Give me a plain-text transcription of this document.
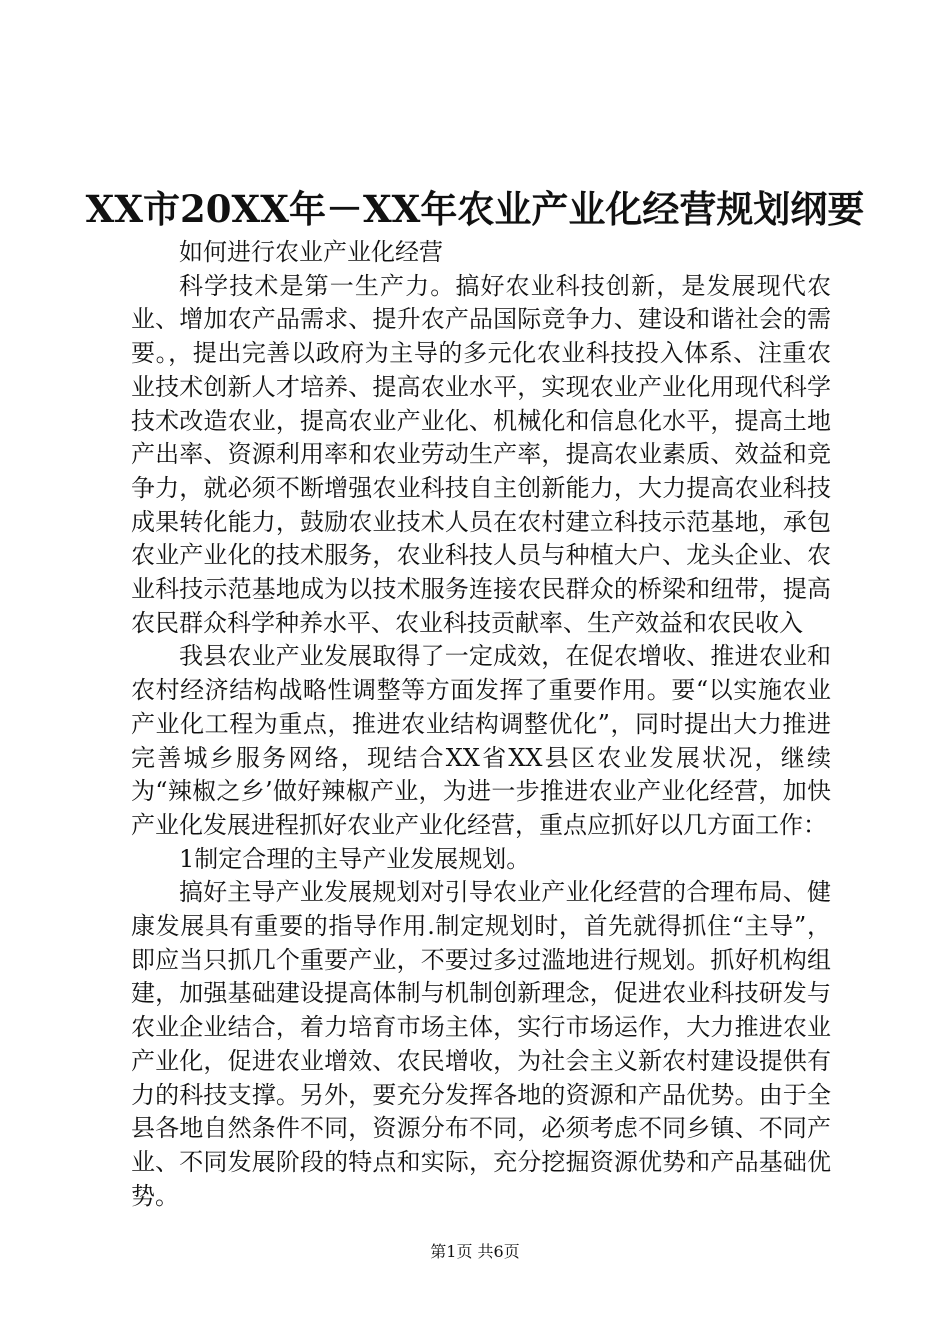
XX市20XX年－XX年农业产业化经营规划纲要

如何进行农业产业化经营

科学技术是第一生产力。搞好农业科技创新，是发展现代农业、增加农产品需求、提升农产品国际竞争力、建设和谐社会的需要。，提出完善以政府为主导的多元化农业科技投入体系、注重农业技术创新人才培养、提高农业水平，实现农业产业化用现代科学技术改造农业，提高农业产业化、机械化和信息化水平，提高土地产出率、资源利用率和农业劳动生产率，提高农业素质、效益和竞争力，就必须不断增强农业科技自主创新能力，大力提高农业科技成果转化能力，鼓励农业技术人员在农村建立科技示范基地，承包农业产业化的技术服务，农业科技人员与种植大户、龙头企业、农业科技示范基地成为以技术服务连接农民群众的桥梁和纽带，提高农民群众科学种养水平、农业科技贡献率、生产效益和农民收入

我县农业产业发展取得了一定成效，在促农增收、推进农业和农村经济结构战略性调整等方面发挥了重要作用。要“以实施农业产业化工程为重点，推进农业结构调整优化”，同时提出大力推进完善城乡服务网络，现结合XX省XX县区农业发展状况，继续为“辣椒之乡’做好辣椒产业，为进一步推进农业产业化经营，加快产业化发展进程抓好农业产业化经营，重点应抓好以几方面工作：

1制定合理的主导产业发展规划。

搞好主导产业发展规划对引导农业产业化经营的合理布局、健康发展具有重要的指导作用.制定规划时，首先就得抓住“主导”，即应当只抓几个重要产业，不要过多过滥地进行规划。抓好机构组建，加强基础建设提高体制与机制创新理念，促进农业科技研发与农业企业结合，着力培育市场主体，实行市场运作，大力推进农业产业化，促进农业增效、农民增收，为社会主义新农村建设提供有力的科技支撑。另外，要充分发挥各地的资源和产品优势。由于全县各地自然条件不同，资源分布不同，必须考虑不同乡镇、不同产业、不同发展阶段的特点和实际，充分挖掘资源优势和产品基础优势。

第1页 共6页
